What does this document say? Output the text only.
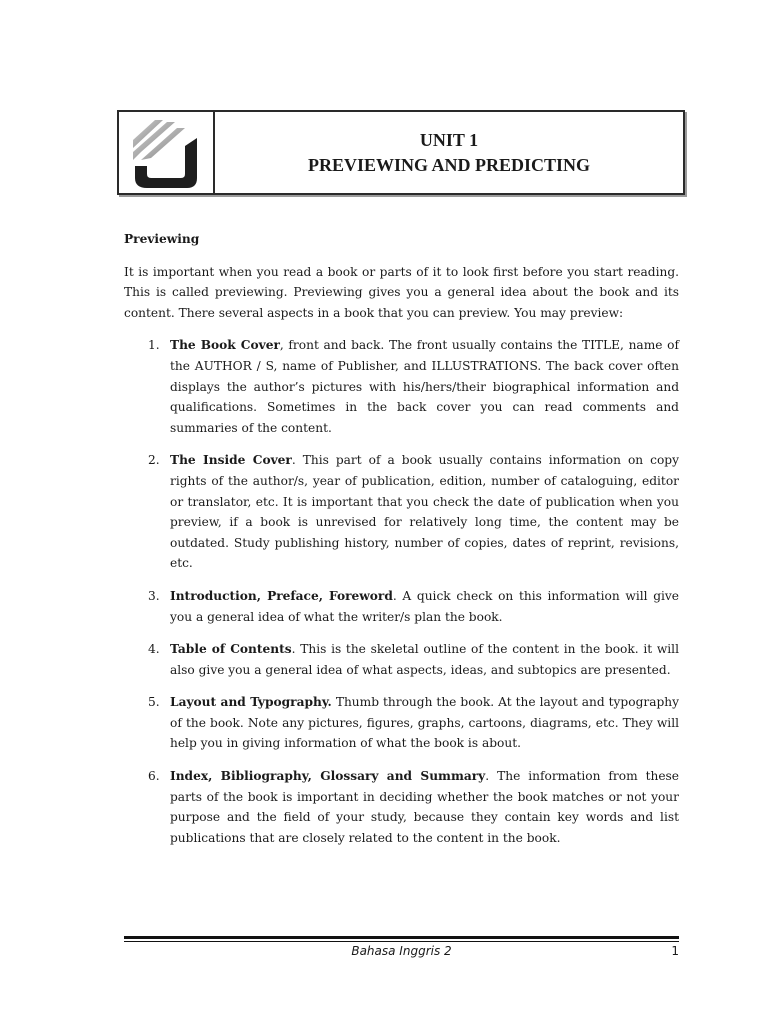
UNIT 1
PREVIEWING AND PREDICTING

Previewing

It is important when you read a book or parts of it to look first before you start reading. This is called previewing. Previewing gives you a general idea about the book and its content. There several aspects in a book that you can preview. You may preview:

1. The Book Cover, front and back. The front usually contains the TITLE, name of the AUTHOR / S, name of Publisher, and ILLUSTRATIONS. The back cover often displays the author’s pictures with his/hers/their biographical information and qualifications. Sometimes in the back cover you can read comments and summaries of the content.
2. The Inside Cover. This part of a book usually contains information on copy rights of the author/s, year of publication, edition, number of cataloguing, editor or translator, etc. It is important that you check the date of publication when you preview, if a book is unrevised for relatively long time, the content may be outdated. Study publishing history, number of copies, dates of reprint, revisions, etc.
3. Introduction, Preface, Foreword. A quick check on this information will give you a general idea of what the writer/s plan the book.
4. Table of Contents. This is the skeletal outline of the content in the book. it will also give you a general idea of what aspects, ideas, and subtopics are presented.
5. Layout and Typography. Thumb through the book. At the layout and typography of the book. Note any pictures, figures, graphs, cartoons, diagrams, etc. They will help you in giving information of what the book is about.
6. Index, Bibliography, Glossary and Summary. The information from these parts of the book is important in deciding whether the book matches or not your purpose and the field of your study, because they contain key words and list publications that are closely related to the content in the book.
Bahasa Inggris 2	1
